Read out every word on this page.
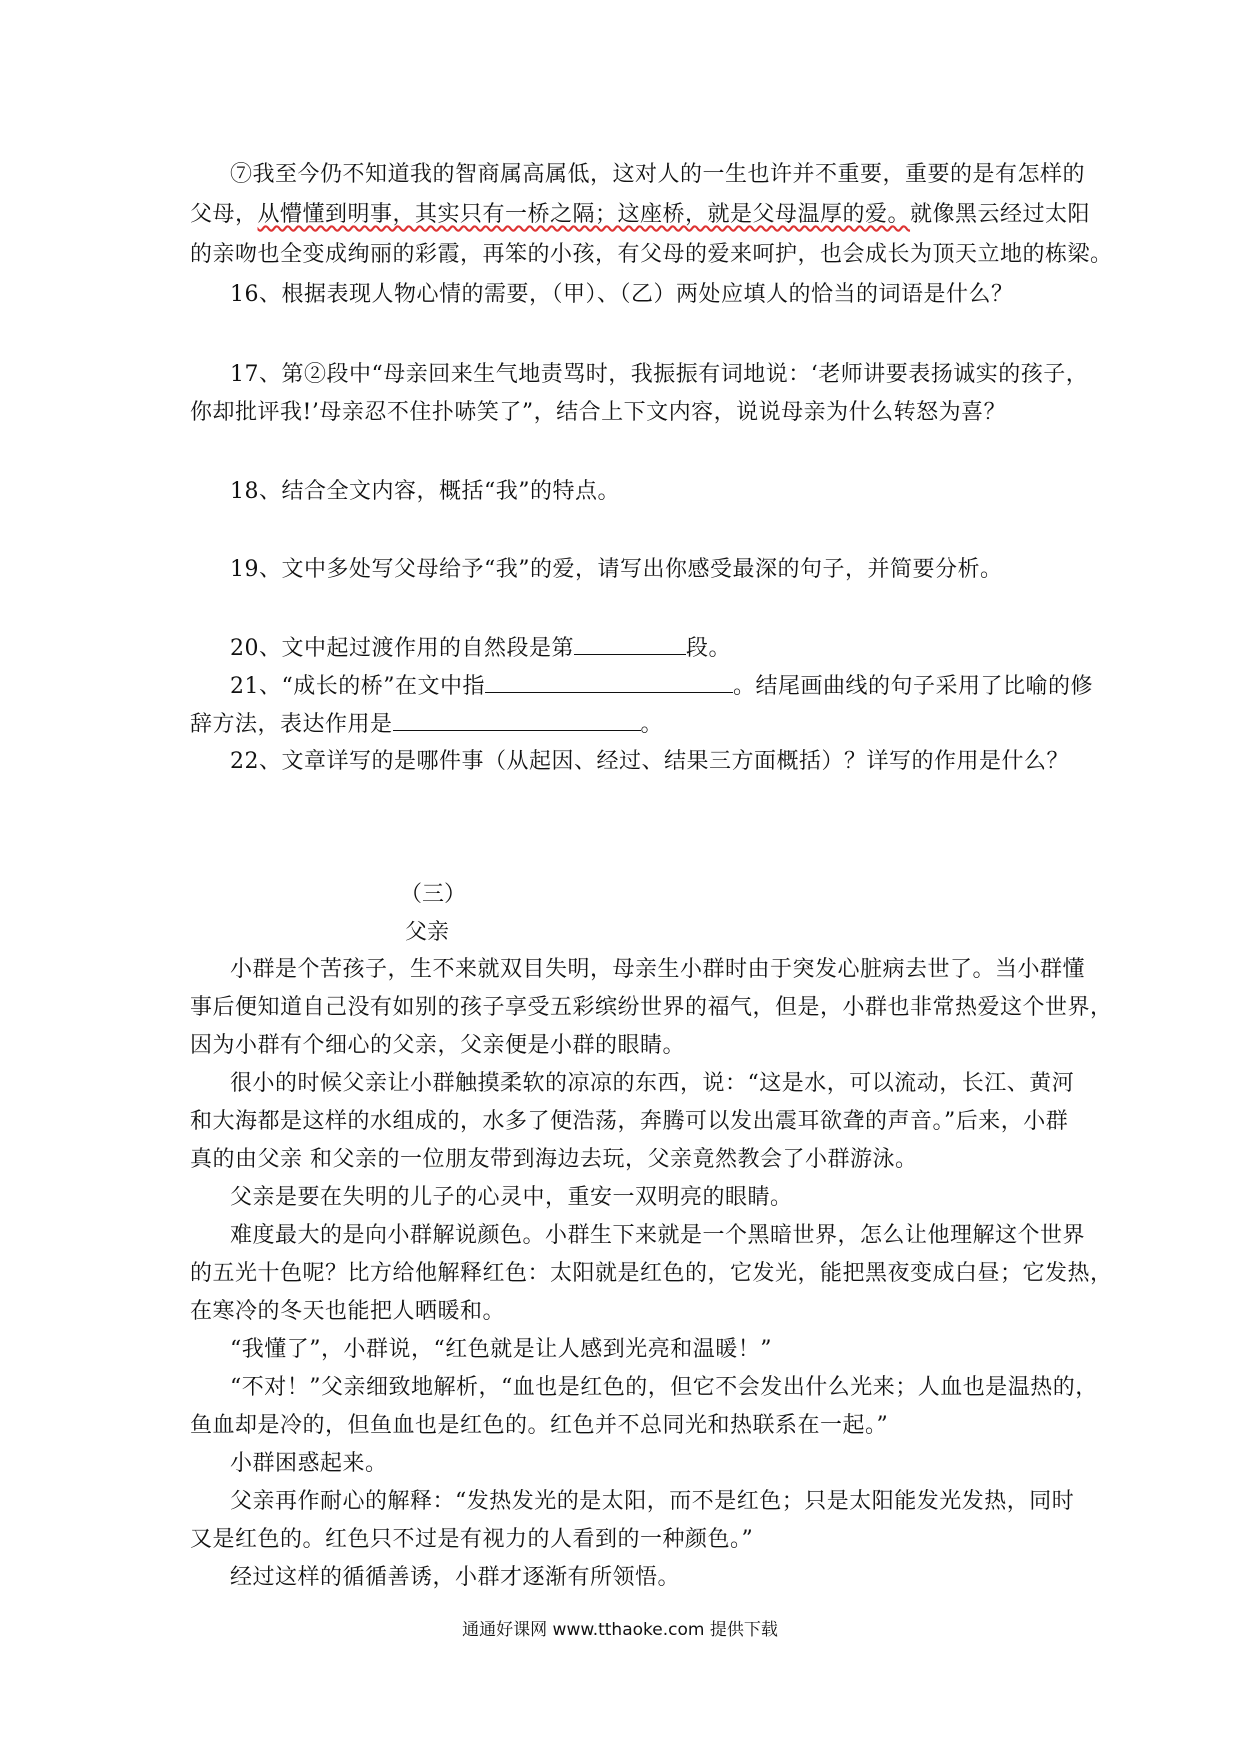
⑦我至今仍不知道我的智商属高属低，这对人的一生也许并不重要，重要的是有怎样的
父母，从懵懂到明事，其实只有一桥之隔；这座桥，就是父母温厚的爱。就像黑云经过太阳
的亲吻也全变成绚丽的彩霞，再笨的小孩，有父母的爱来呵护，也会成长为顶天立地的栋梁。
16、根据表现人物心情的需要，（甲）、（乙）两处应填人的恰当的词语是什么？
17、第②段中“母亲回来生气地责骂时，我振振有词地说：‘老师讲要表扬诚实的孩子，
你却批评我!’母亲忍不住扑哧笑了”，结合上下文内容，说说母亲为什么转怒为喜？
18、结合全文内容，概括“我”的特点。
19、文中多处写父母给予“我”的爱，请写出你感受最深的句子，并简要分析。
20、文中起过渡作用的自然段是第	段。
21、“成长的桥”在文中指	。结尾画曲线的句子采用了比喻的修
辞方法，表达作用是	。
22、文章详写的是哪件事（从起因、经过、结果三方面概括）？详写的作用是什么？
（三）
父亲
小群是个苦孩子，生不来就双目失明，母亲生小群时由于突发心脏病去世了。当小群懂
事后便知道自己没有如别的孩子享受五彩缤纷世界的福气，但是，小群也非常热爱这个世界，
因为小群有个细心的父亲，父亲便是小群的眼睛。
很小的时候父亲让小群触摸柔软的凉凉的东西，说：“这是水，可以流动，长江、黄河
和大海都是这样的水组成的，水多了便浩荡，奔腾可以发出震耳欲聋的声音。”后来，小群
真的由父亲 和父亲的一位朋友带到海边去玩，父亲竟然教会了小群游泳。
父亲是要在失明的儿子的心灵中，重安一双明亮的眼睛。
难度最大的是向小群解说颜色。小群生下来就是一个黑暗世界，怎么让他理解这个世界
的五光十色呢？比方给他解释红色：太阳就是红色的，它发光，能把黑夜变成白昼；它发热，
在寒冷的冬天也能把人晒暖和。
“我懂了”，小群说，“红色就是让人感到光亮和温暖！”
“不对！”父亲细致地解析，“血也是红色的，但它不会发出什么光来；人血也是温热的，
鱼血却是冷的，但鱼血也是红色的。红色并不总同光和热联系在一起。”
小群困惑起来。
父亲再作耐心的解释：“发热发光的是太阳，而不是红色；只是太阳能发光发热，同时
又是红色的。红色只不过是有视力的人看到的一种颜色。”
经过这样的循循善诱，小群才逐渐有所领悟。
通通好课网 www.tthaoke.com 提供下载
